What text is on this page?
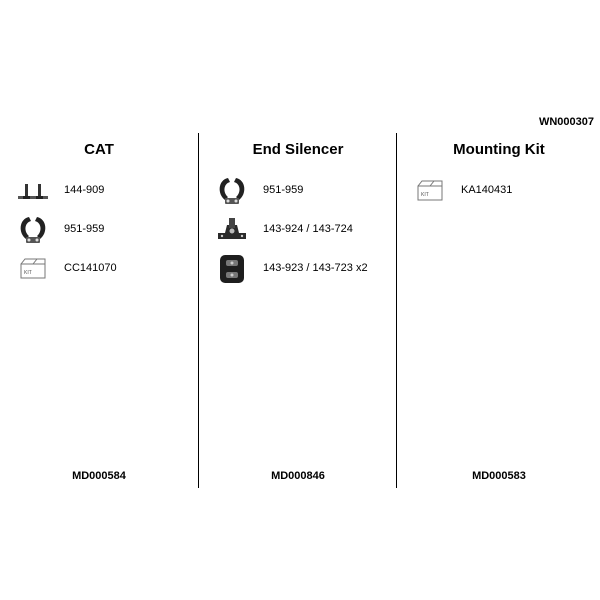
WN000307
CAT
144-909
951-959
KIT	CC141070
MD000584
End Silencer
951-959
143-924 / 143-724
143-923 / 143-723 x2
MD000846
Mounting Kit
KIT	KA140431
MD000583
